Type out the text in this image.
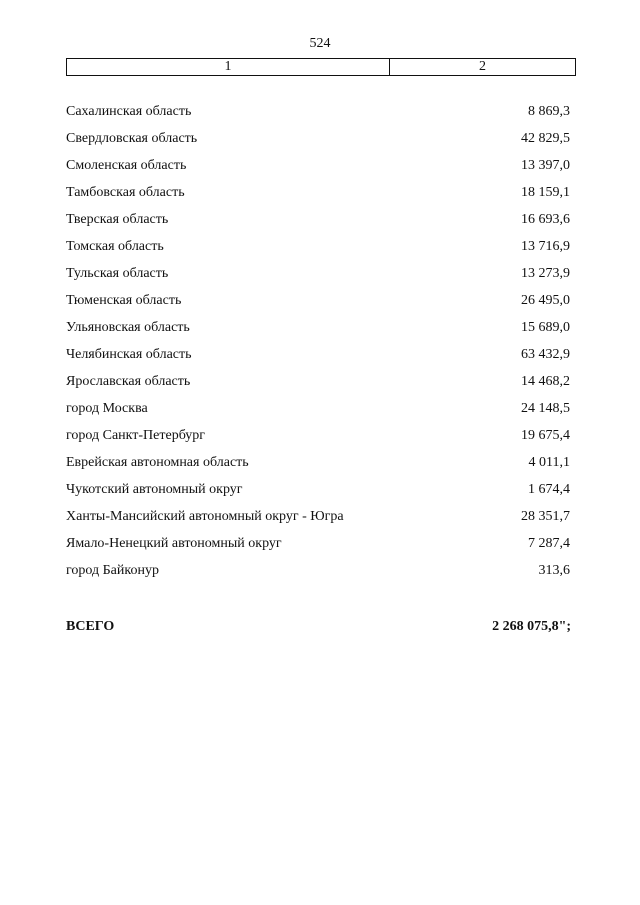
524
1	2
Сахалинская область	8 869,3
Свердловская область	42 829,5
Смоленская область	13 397,0
Тамбовская область	18 159,1
Тверская область	16 693,6
Томская область	13 716,9
Тульская область	13 273,9
Тюменская область	26 495,0
Ульяновская область	15 689,0
Челябинская область	63 432,9
Ярославская область	14 468,2
город Москва	24 148,5
город Санкт-Петербург	19 675,4
Еврейская автономная область	4 011,1
Чукотский автономный округ	1 674,4
Ханты-Мансийский автономный округ - Югра	28 351,7
Ямало-Ненецкий автономный округ	7 287,4
город Байконур	313,6
ВСЕГО	2 268 075,8";
